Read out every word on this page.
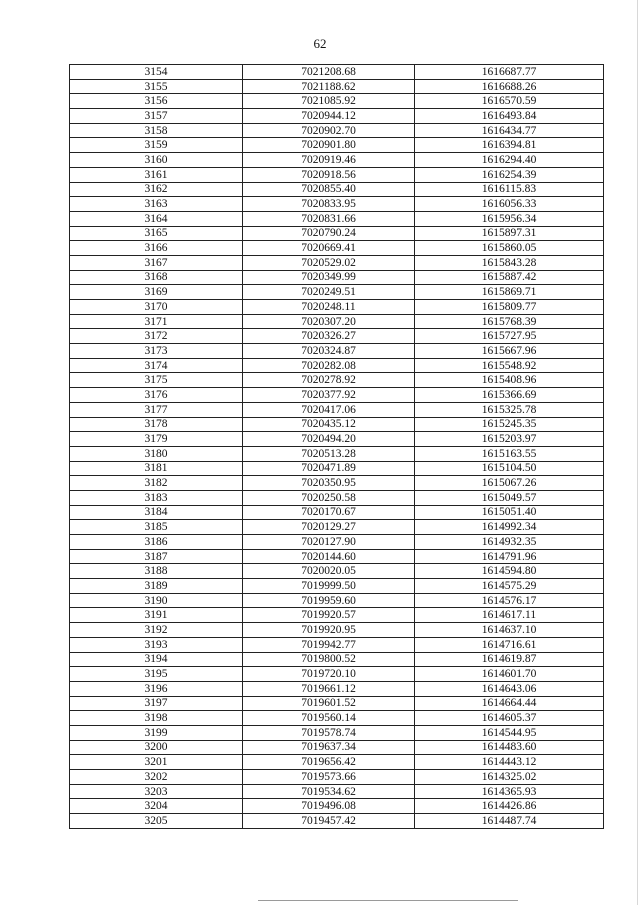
62
3154	7021208.68	1616687.77
3155	7021188.62	1616688.26
3156	7021085.92	1616570.59
3157	7020944.12	1616493.84
3158	7020902.70	1616434.77
3159	7020901.80	1616394.81
3160	7020919.46	1616294.40
3161	7020918.56	1616254.39
3162	7020855.40	1616115.83
3163	7020833.95	1616056.33
3164	7020831.66	1615956.34
3165	7020790.24	1615897.31
3166	7020669.41	1615860.05
3167	7020529.02	1615843.28
3168	7020349.99	1615887.42
3169	7020249.51	1615869.71
3170	7020248.11	1615809.77
3171	7020307.20	1615768.39
3172	7020326.27	1615727.95
3173	7020324.87	1615667.96
3174	7020282.08	1615548.92
3175	7020278.92	1615408.96
3176	7020377.92	1615366.69
3177	7020417.06	1615325.78
3178	7020435.12	1615245.35
3179	7020494.20	1615203.97
3180	7020513.28	1615163.55
3181	7020471.89	1615104.50
3182	7020350.95	1615067.26
3183	7020250.58	1615049.57
3184	7020170.67	1615051.40
3185	7020129.27	1614992.34
3186	7020127.90	1614932.35
3187	7020144.60	1614791.96
3188	7020020.05	1614594.80
3189	7019999.50	1614575.29
3190	7019959.60	1614576.17
3191	7019920.57	1614617.11
3192	7019920.95	1614637.10
3193	7019942.77	1614716.61
3194	7019800.52	1614619.87
3195	7019720.10	1614601.70
3196	7019661.12	1614643.06
3197	7019601.52	1614664.44
3198	7019560.14	1614605.37
3199	7019578.74	1614544.95
3200	7019637.34	1614483.60
3201	7019656.42	1614443.12
3202	7019573.66	1614325.02
3203	7019534.62	1614365.93
3204	7019496.08	1614426.86
3205	7019457.42	1614487.74
